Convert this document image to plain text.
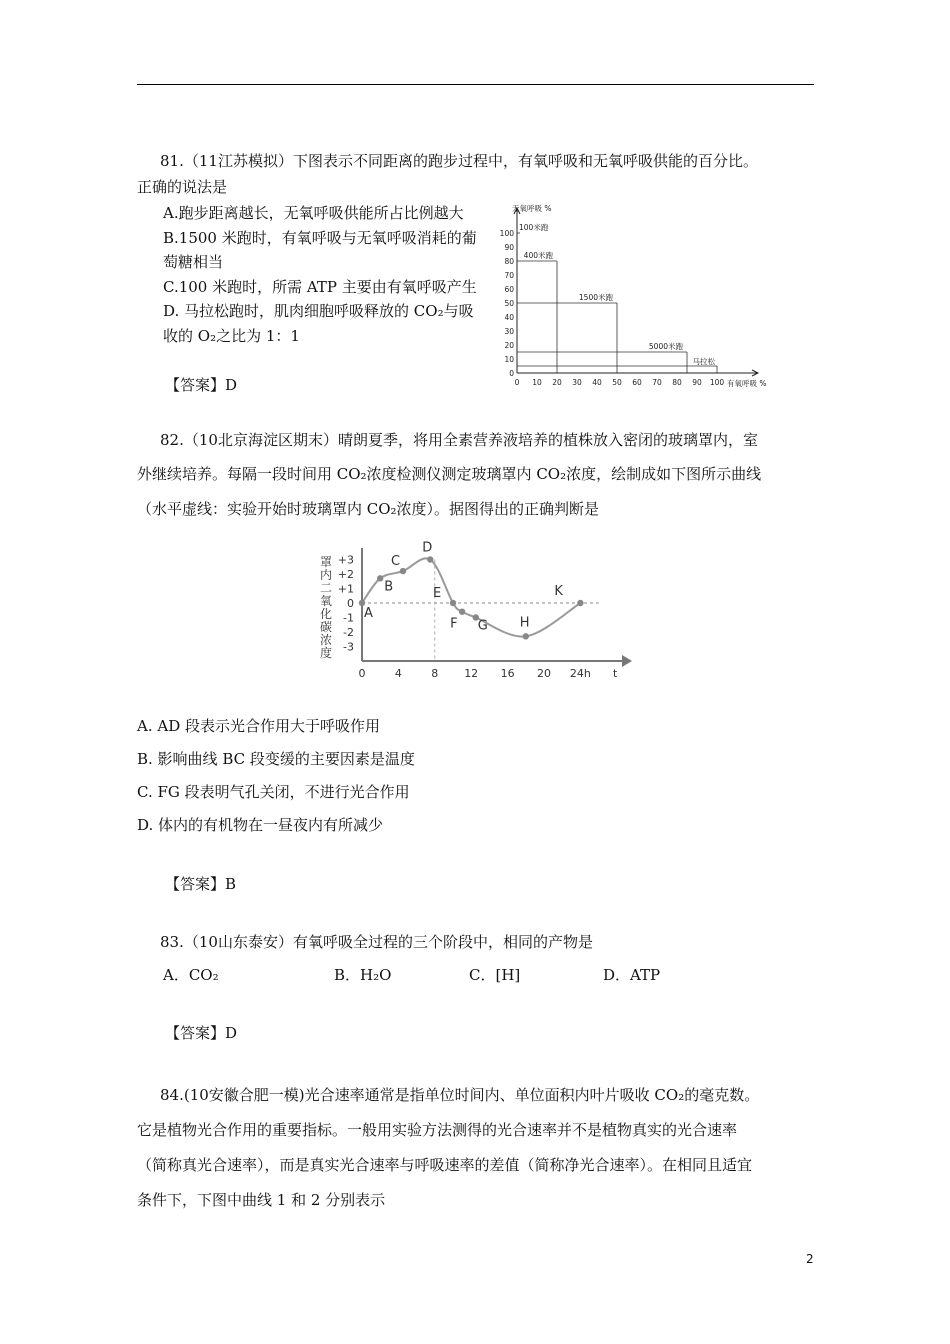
81.（11江苏模拟）下图表示不同距离的跑步过程中，有氧呼吸和无氧呼吸供能的百分比。
正确的说法是
A.跑步距离越长，无氧呼吸供能所占比例越大
B.1500 米跑时，有氧呼吸与无氧呼吸消耗的葡
萄糖相当
C.100 米跑时，所需 ATP 主要由有氧呼吸产生
D. 马拉松跑时，肌肉细胞呼吸释放的 CO₂与吸
收的 O₂之比为 1：1
【答案】D
无氧呼吸 %
有氧呼吸 %
0
10
20
30
40
50
60
70
80
90
100
0 10 20 30 40 50 60 70 80 90 100
100米跑
400米跑
1500米跑
5000米跑
马拉松
82.（10北京海淀区期末）晴朗夏季，将用全素营养液培养的植株放入密闭的玻璃罩内，室
外继续培养。每隔一段时间用 CO₂浓度检测仪测定玻璃罩内 CO₂浓度，绘制成如下图所示曲线
（水平虚线：实验开始时玻璃罩内 CO₂浓度）。据图得出的正确判断是
罩内二氧化碳浓度
+3
+2
+1
0
-1
-2
-3
0	4	8 12 16 20 24h t
A
B
C
D
E
F G H
K
A. AD 段表示光合作用大于呼吸作用
B. 影响曲线 BC 段变缓的主要因素是温度
C. FG 段表明气孔关闭，不进行光合作用
D. 体内的有机物在一昼夜内有所减少
【答案】B
83.（10山东泰安）有氧呼吸全过程的三个阶段中，相同的产物是
A．CO₂	B．H₂O	C．[H]	D．ATP
【答案】D
84.(10安徽合肥一模)光合速率通常是指单位时间内、单位面积内叶片吸收 CO₂的毫克数。
它是植物光合作用的重要指标。一般用实验方法测得的光合速率并不是植物真实的光合速率
（简称真光合速率），而是真实光合速率与呼吸速率的差值（简称净光合速率）。在相同且适宜
条件下，下图中曲线 1 和 2 分别表示
2
